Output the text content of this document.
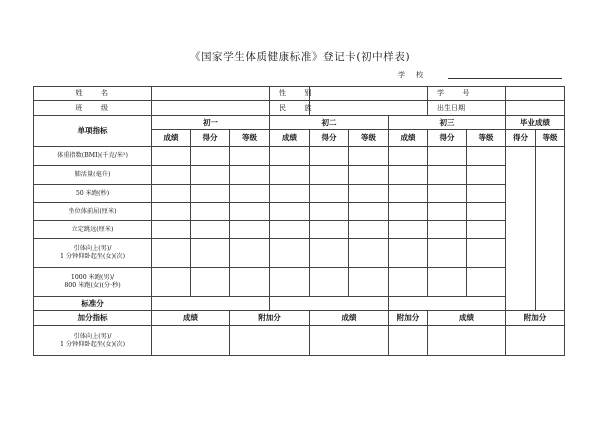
《国家学生体质健康标准》登记卡(初中样表)
学　校
姓　　名				性　　别				学　　号			
班　　级				民　　族				出生日期			
单项指标	初一			初二			初三			毕业成绩	
	成绩	得分	等级	成绩	得分	等级	成绩	得分	等级	得分	等级
体重指数(BMI)(千克/米²)											
肺活量(毫升)											
50 米跑(秒)											
坐位体前屈(厘米)											
立定跳远(厘米)											

引体向上(男)/
1 分钟仰卧起坐(女)(次)											

1000 米跑(男)/
800 米跑(女)(分·秒)											

标准分											
加分指标	成绩		附加分		成绩		附加分	成绩		附加分	

引体向上(男)/
1 分钟仰卧起坐(女)(次)											
